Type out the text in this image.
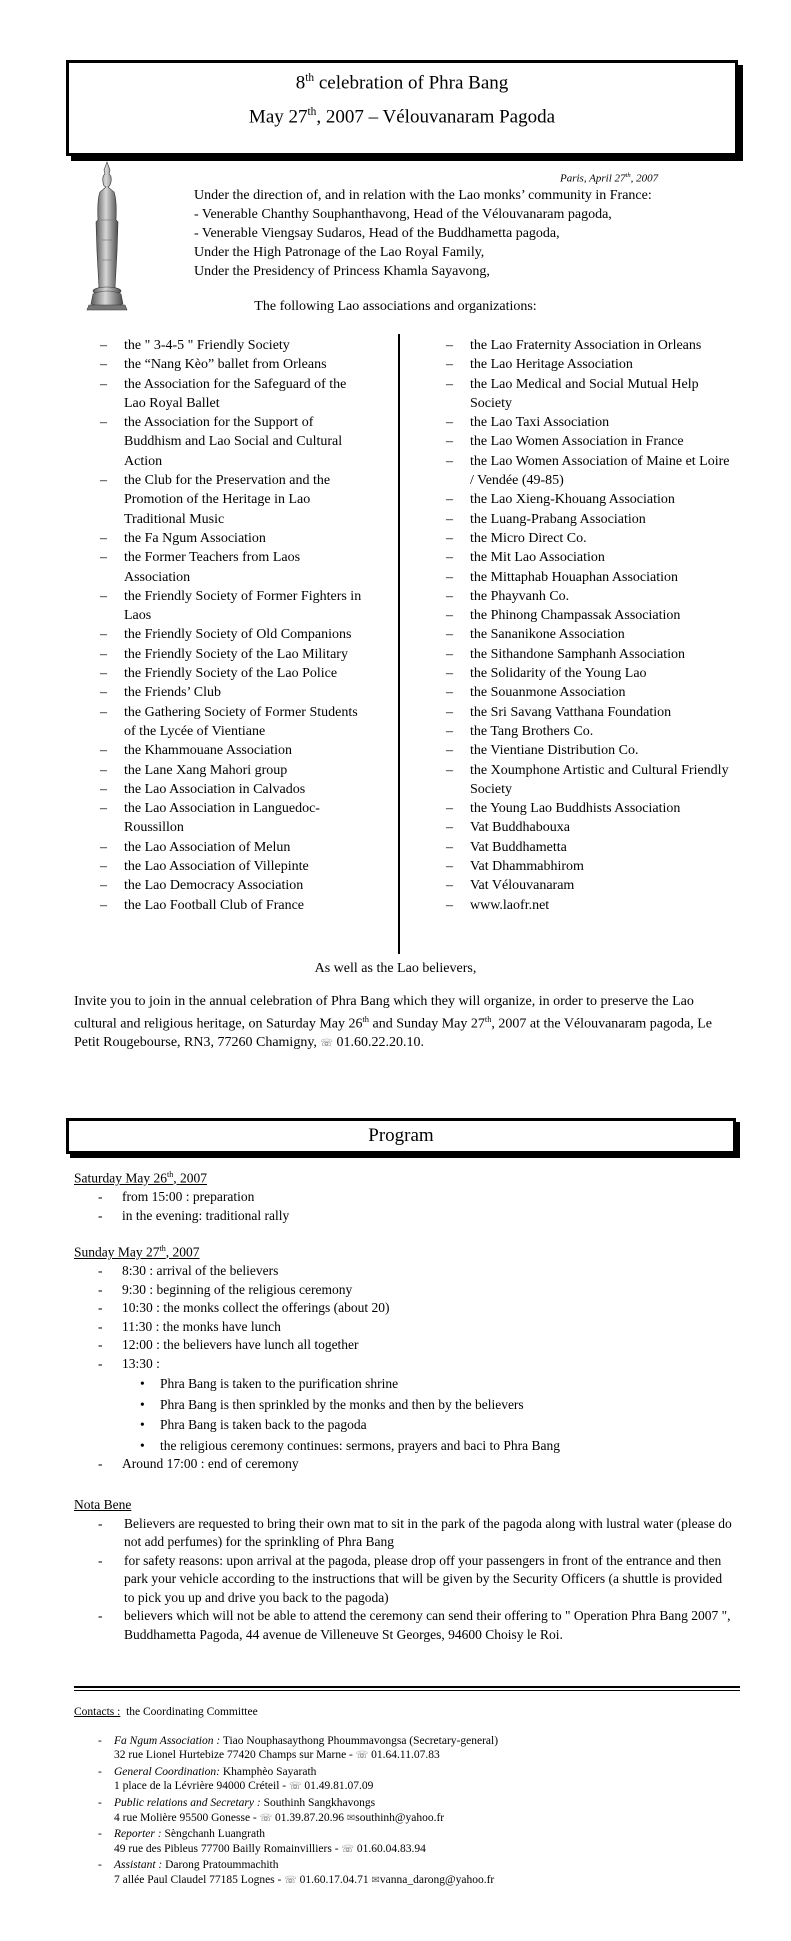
8th celebration of Phra Bang
May 27th, 2007 – Vélouvanaram Pagoda
Paris, April 27th, 2007
Under the direction of, and in relation with the Lao monks’ community in France:
- Venerable Chanthy Souphanthavong, Head of the Vélouvanaram pagoda,
- Venerable Viengsay Sudaros, Head of the Buddhametta pagoda,
Under the High Patronage of the Lao Royal Family,
Under the Presidency of Princess Khamla Sayavong,
The following Lao associations and organizations:
– the " 3-4-5 " Friendly Society
– the “Nang Kèo” ballet from Orleans
– the Association for the Safeguard of the Lao Royal Ballet
– the Association for the Support of Buddhism and Lao Social and Cultural Action
– the Club for the Preservation and the Promotion of the Heritage in Lao Traditional Music
– the Fa Ngum Association
– the Former Teachers from Laos Association
– the Friendly Society of Former Fighters in Laos
– the Friendly Society of Old Companions
– the Friendly Society of the Lao Military
– the Friendly Society of the Lao Police
– the Friends’ Club
– the Gathering Society of Former Students of the Lycée of Vientiane
– the Khammouane Association
– the Lane Xang Mahori group
– the Lao Association in Calvados
– the Lao Association in Languedoc-Roussillon
– the Lao Association of Melun
– the Lao Association of Villepinte
– the Lao Democracy Association
– the Lao Football Club of France
– the Lao Fraternity Association in Orleans
– the Lao Heritage Association
– the Lao Medical and Social Mutual Help Society
– the Lao Taxi Association
– the Lao Women Association in France
– the Lao Women Association of Maine et Loire / Vendée (49-85)
– the Lao Xieng-Khouang Association
– the Luang-Prabang Association
– the Micro Direct Co.
– the Mit Lao Association
– the Mittaphab Houaphan Association
– the Phayvanh Co.
– the Phinong Champassak Association
– the Sananikone Association
– the Sithandone Samphanh Association
– the Solidarity of the Young Lao
– the Souanmone Association
– the Sri Savang Vatthana Foundation
– the Tang Brothers Co.
– the Vientiane Distribution Co.
– the Xoumphone Artistic and Cultural Friendly Society
– the Young Lao Buddhists Association
– Vat Buddhabouxa
– Vat Buddhametta
– Vat Dhammabhirom
– Vat Vélouvanaram
– www.laofr.net
As well as the Lao believers,
Invite you to join in the annual celebration of Phra Bang which they will organize, in order to preserve the Lao cultural and religious heritage, on Saturday May 26th and Sunday May 27th, 2007 at the Vélouvanaram pagoda, Le Petit Rougebourse, RN3, 77260 Chamigny, ☏ 01.60.22.20.10.
Program
Saturday May 26th, 2007
- from 15:00 : preparation
- in the evening: traditional rally
Sunday May 27th, 2007
- 8:30 : arrival of the believers
- 9:30 : beginning of the religious ceremony
- 10:30 : the monks collect the offerings (about 20)
- 11:30 : the monks have lunch
- 12:00 : the believers have lunch all together
- 13:30 :
• Phra Bang is taken to the purification shrine
• Phra Bang is then sprinkled by the monks and then by the believers
• Phra Bang is taken back to the pagoda
• the religious ceremony continues: sermons, prayers and baci to Phra Bang
- Around 17:00 : end of ceremony
Nota Bene
- Believers are requested to bring their own mat to sit in the park of the pagoda along with lustral water (please do not add perfumes) for the sprinkling of Phra Bang
- for safety reasons: upon arrival at the pagoda, please drop off your passengers in front of the entrance and then park your vehicle according to the instructions that will be given by the Security Officers (a shuttle is provided to pick you up and drive you back to the pagoda)
- believers which will not be able to attend the ceremony can send their offering to " Operation Phra Bang 2007 ", Buddhametta Pagoda, 44 avenue de Villeneuve St Georges, 94600 Choisy le Roi.
Contacts : the Coordinating Committee
- Fa Ngum Association : Tiao Nouphasaythong Phoummavongsa (Secretary-general)
32 rue Lionel Hurtebize 77420 Champs sur Marne - ☏ 01.64.11.07.83
- General Coordination: Khamphèo Sayarath
1 place de la Lévrière 94000 Créteil - ☏ 01.49.81.07.09
- Public relations and Secretary : Southinh Sangkhavongs
4 rue Molière 95500 Gonesse - ☏ 01.39.87.20.96 ✉southinh@yahoo.fr
- Reporter : Sèngchanh Luangrath
49 rue des Pibleus 77700 Bailly Romainvilliers - ☏ 01.60.04.83.94
- Assistant : Darong Pratoummachith
7 allée Paul Claudel 77185 Lognes - ☏ 01.60.17.04.71 ✉vanna_darong@yahoo.fr
